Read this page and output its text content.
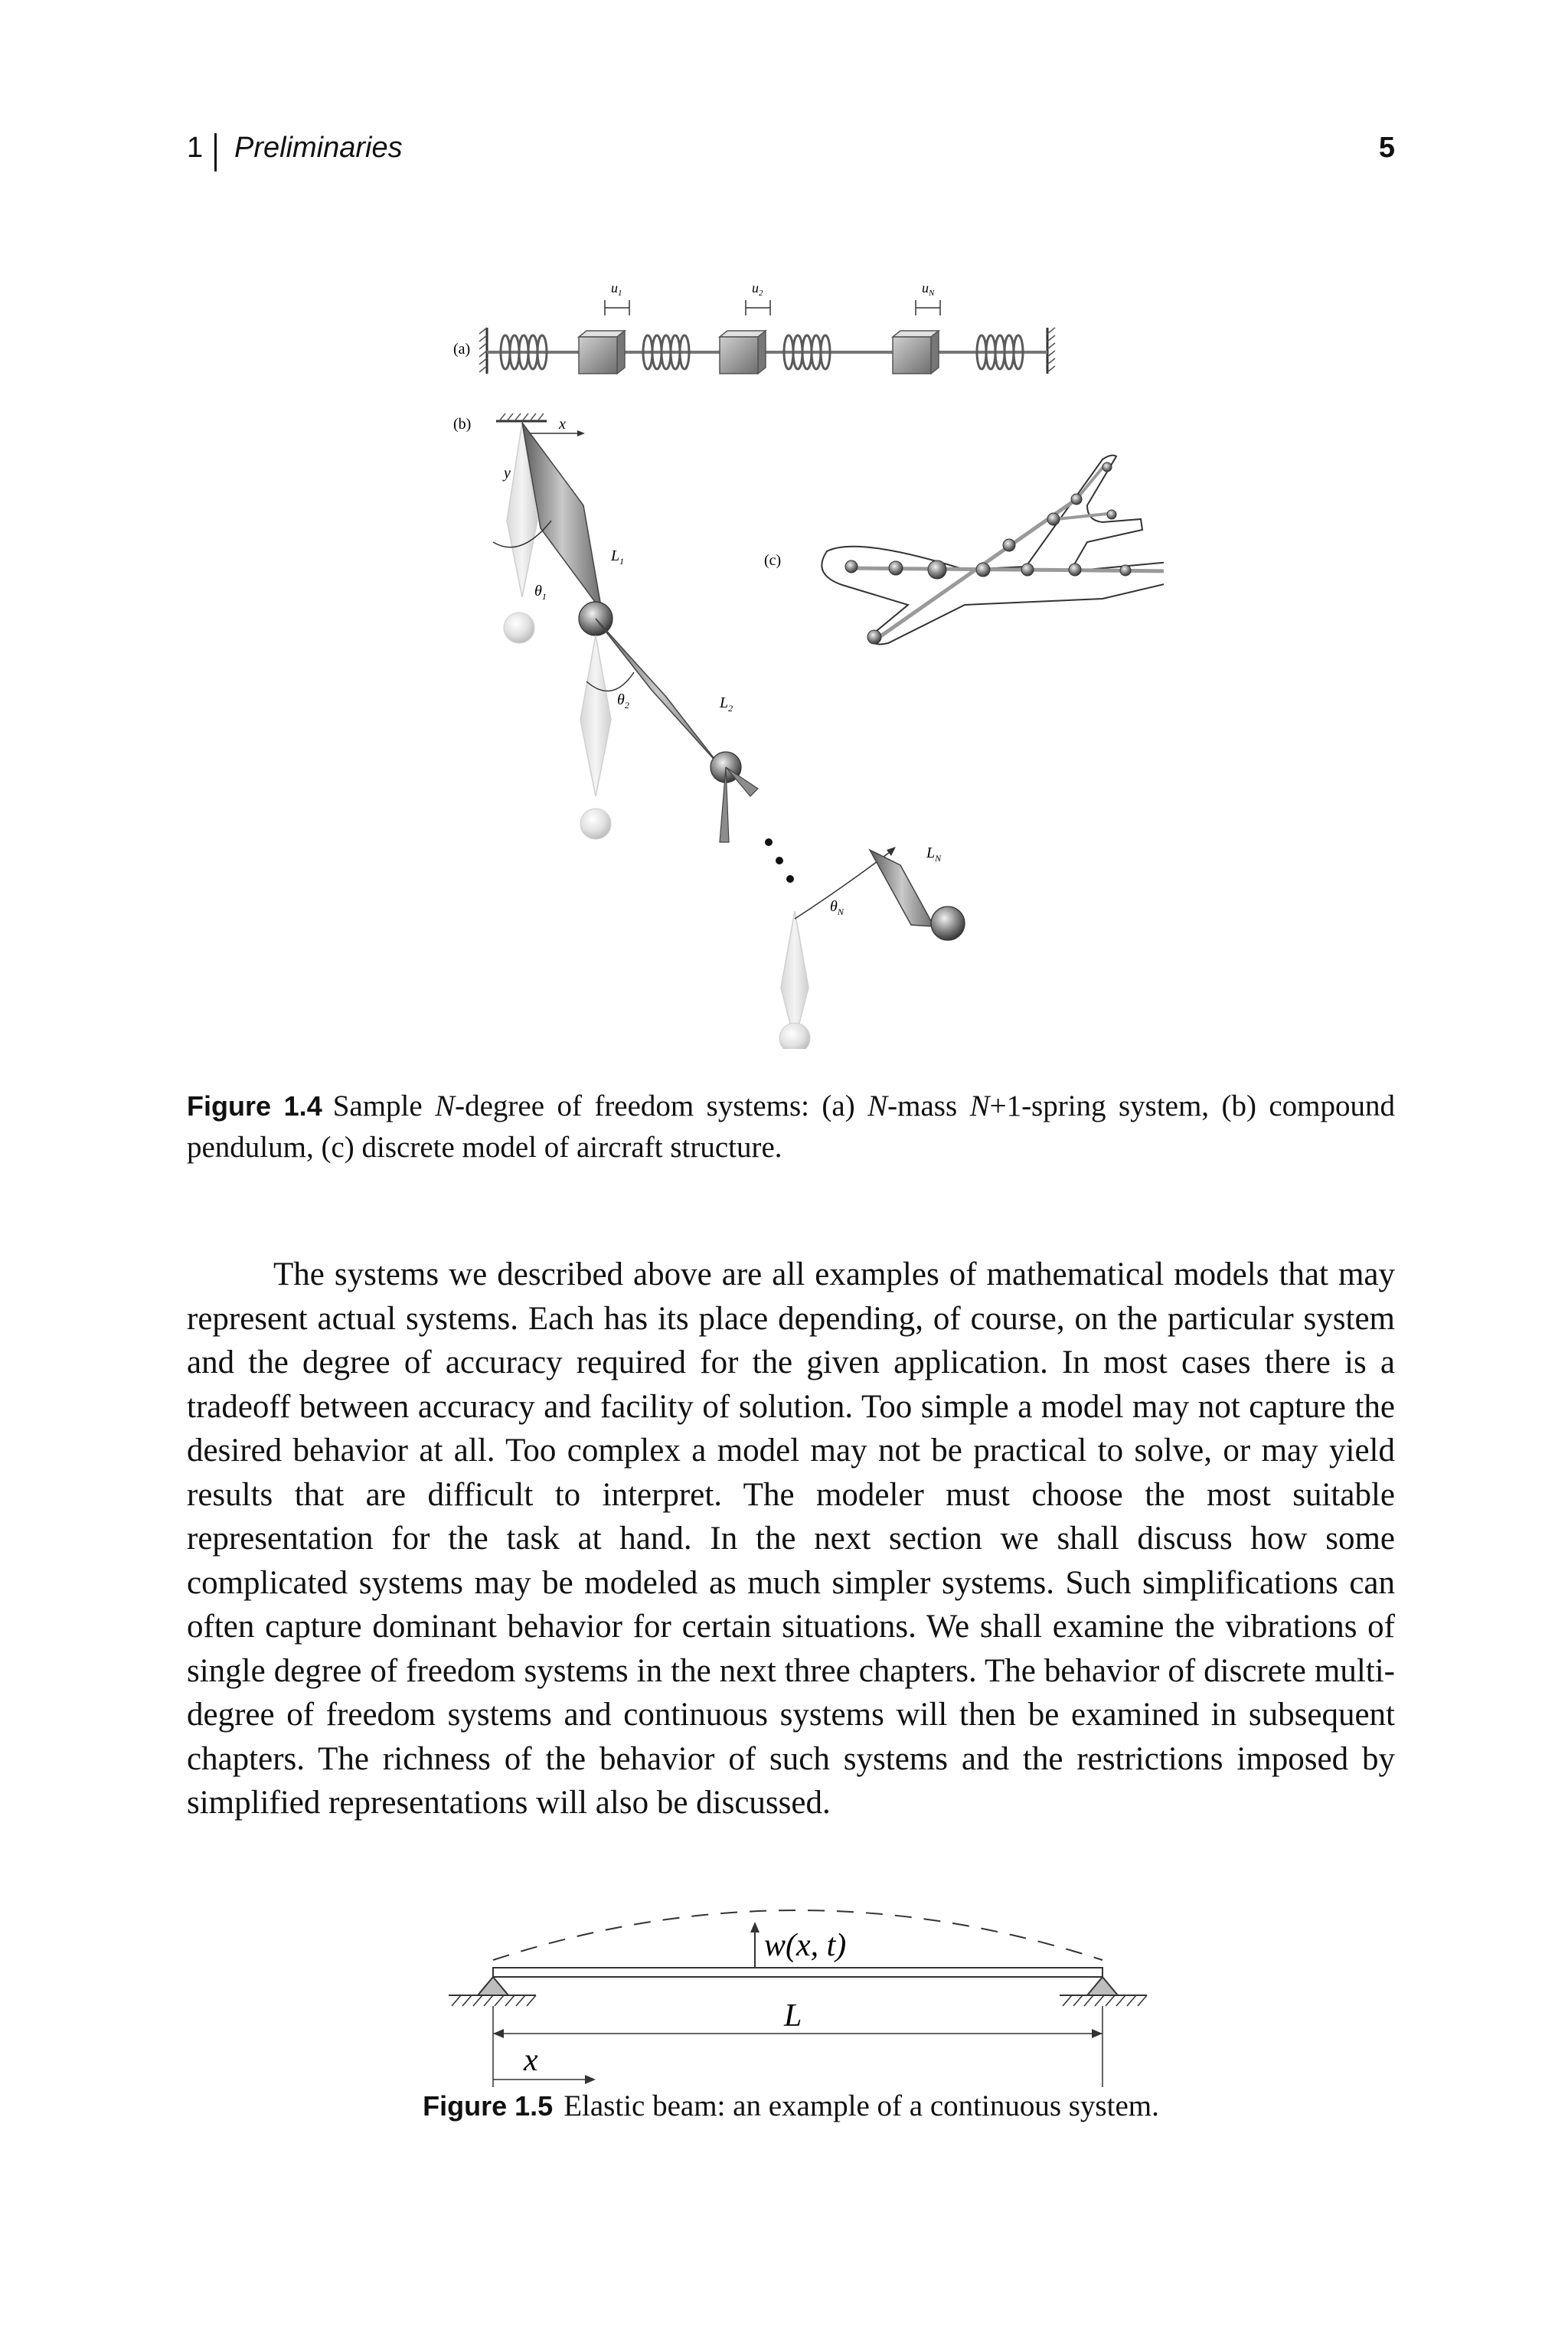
1 Preliminaries	5
(a)
$u_1$	$u_2$	$u_N$
(b)	x
y
$\theta_1$
$L_1$
$\theta_2$	$L_2$
$\theta_N$
$L_N$
(c)
Figure 1.4 Sample N-degree of freedom systems: (a) N-mass N+1-spring system, (b) compound pendulum, (c) discrete model of aircraft structure.

The systems we described above are all examples of mathematical models that may represent actual systems. Each has its place depending, of course, on the particular system and the degree of accuracy required for the given application. In most cases there is a tradeoff between accuracy and facility of solution. Too simple a model may not capture the desired behavior at all. Too complex a model may not be practical to solve, or may yield results that are difficult to interpret. The modeler must choose the most suitable representation for the task at hand. In the next section we shall discuss how some complicated systems may be modeled as much simpler systems. Such simplifications can often capture dominant behavior for certain situations. We shall examine the vibrations of single degree of freedom systems in the next three chapters. The behavior of discrete multi-degree of freedom systems and continuous systems will then be examined in subsequent chapters. The richness of the behavior of such systems and the restrictions imposed by simplified representations will also be discussed.

w(x, t)
L
x
Figure 1.5 Elastic beam: an example of a continuous system.
